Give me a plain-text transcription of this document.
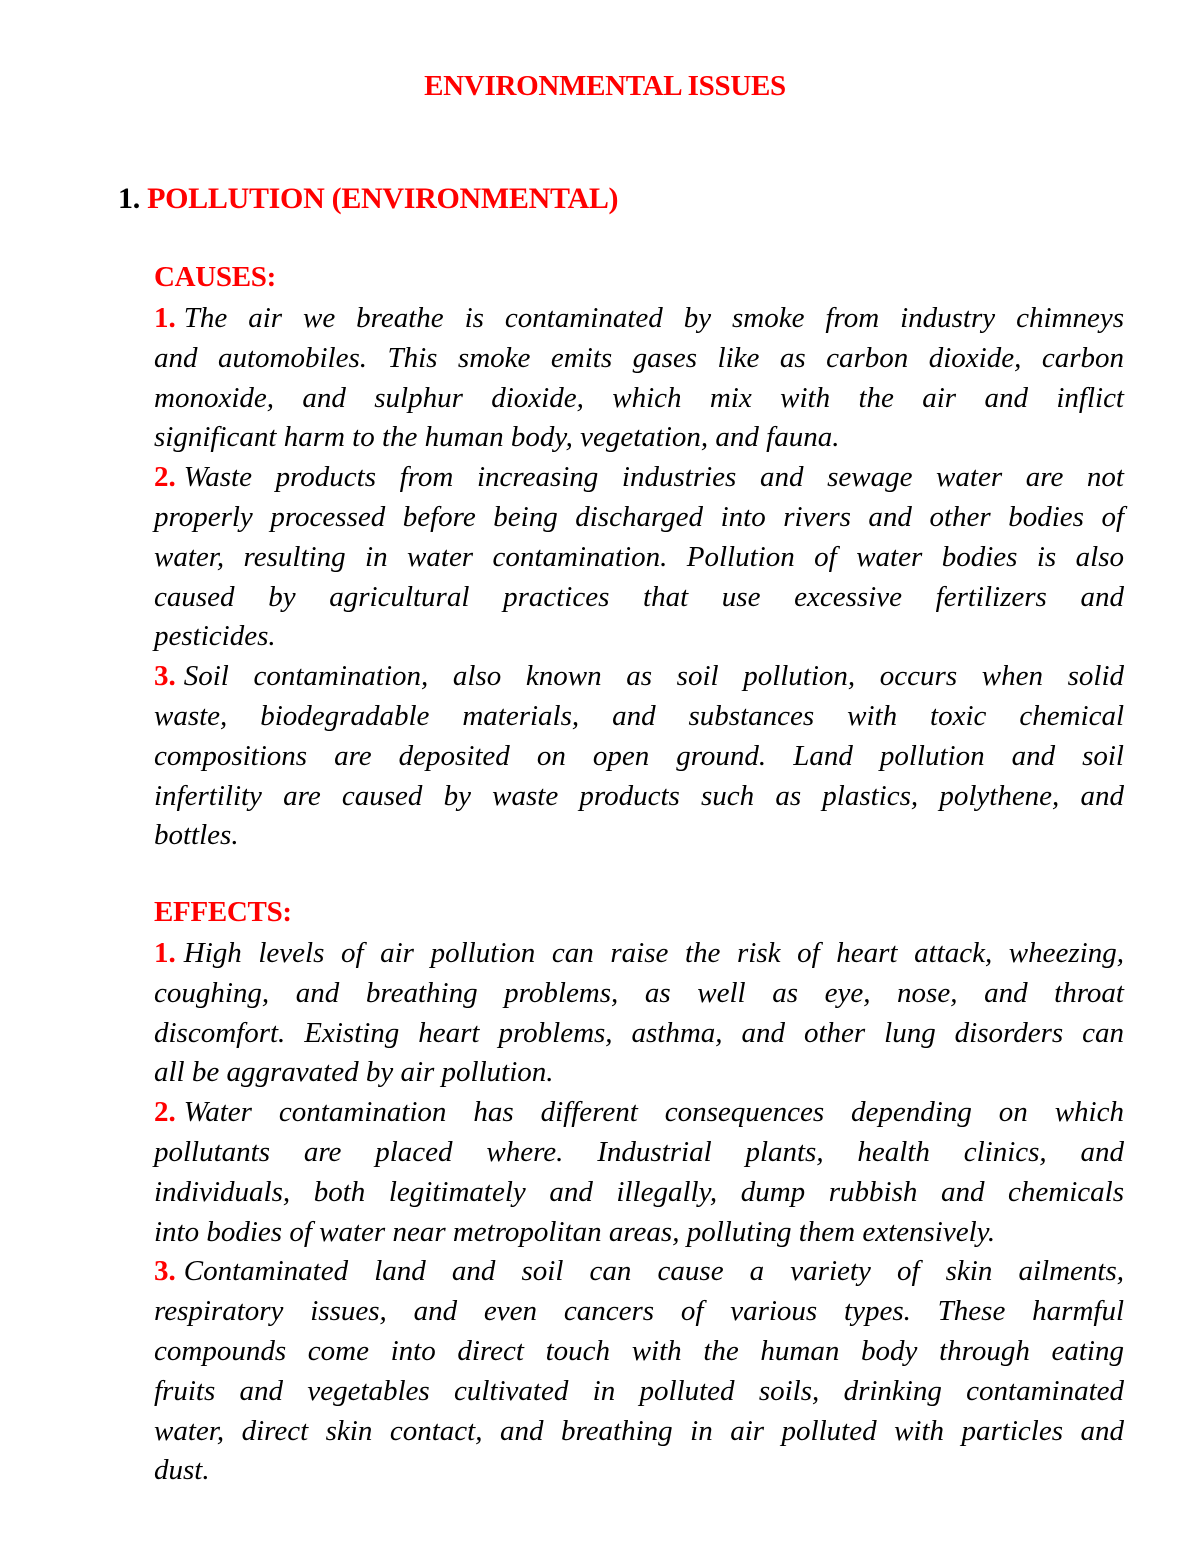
ENVIRONMENTAL ISSUES
1. POLLUTION (ENVIRONMENTAL)
CAUSES:
1. The air we breathe is contaminated by smoke from industry chimneys
and automobiles. This smoke emits gases like as carbon dioxide, carbon
monoxide, and sulphur dioxide, which mix with the air and inflict
significant harm to the human body, vegetation, and fauna.
2. Waste products from increasing industries and sewage water are not
properly processed before being discharged into rivers and other bodies of
water, resulting in water contamination. Pollution of water bodies is also
caused by agricultural practices that use excessive fertilizers and
pesticides.
3. Soil contamination, also known as soil pollution, occurs when solid
waste, biodegradable materials, and substances with toxic chemical
compositions are deposited on open ground. Land pollution and soil
infertility are caused by waste products such as plastics, polythene, and
bottles.
EFFECTS:
1. High levels of air pollution can raise the risk of heart attack, wheezing,
coughing, and breathing problems, as well as eye, nose, and throat
discomfort. Existing heart problems, asthma, and other lung disorders can
all be aggravated by air pollution.
2. Water contamination has different consequences depending on which
pollutants are placed where. Industrial plants, health clinics, and
individuals, both legitimately and illegally, dump rubbish and chemicals
into bodies of water near metropolitan areas, polluting them extensively.
3. Contaminated land and soil can cause a variety of skin ailments,
respiratory issues, and even cancers of various types. These harmful
compounds come into direct touch with the human body through eating
fruits and vegetables cultivated in polluted soils, drinking contaminated
water, direct skin contact, and breathing in air polluted with particles and
dust.
